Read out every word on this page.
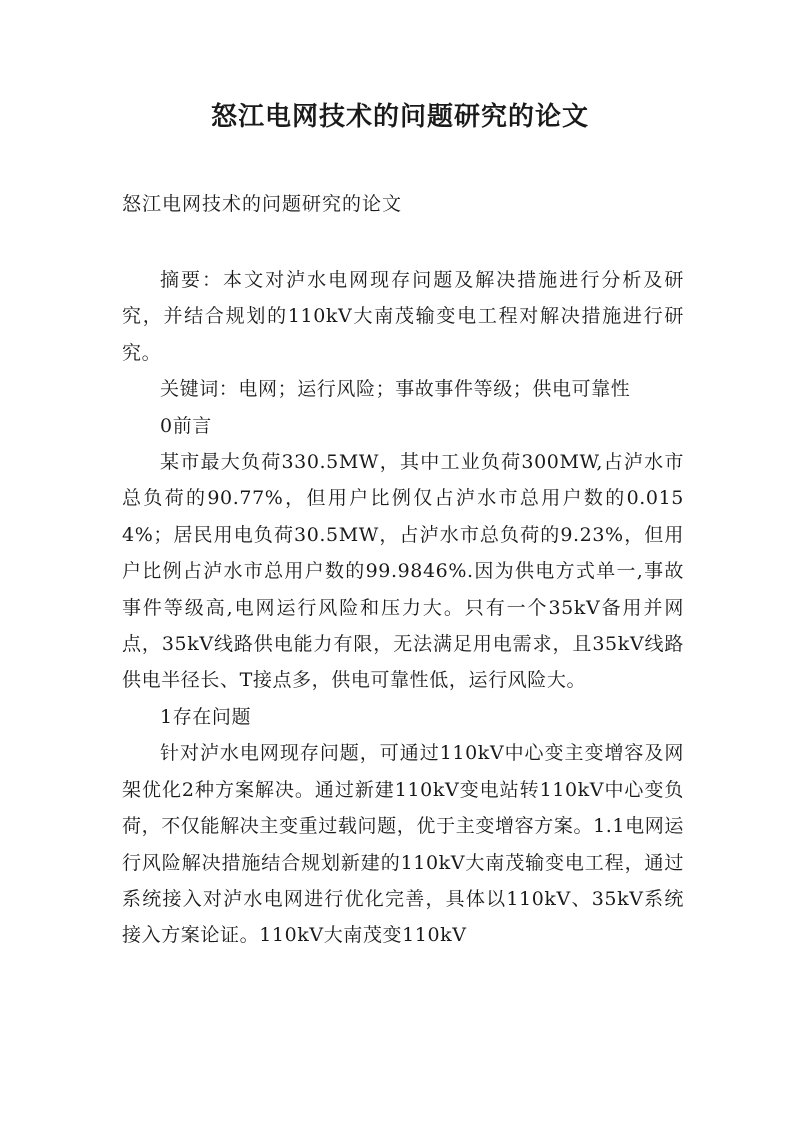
怒江电网技术的问题研究的论文

怒江电网技术的问题研究的论文

摘要：本文对泸水电网现存问题及解决措施进行分析及研究，并结合规划的110kV大南茂输变电工程对解决措施进行研究。

关键词：电网；运行风险；事故事件等级；供电可靠性

0前言

某市最大负荷330.5MW，其中工业负荷300MW,占泸水市总负荷的90.77%，但用户比例仅占泸水市总用户数的0.0154%；居民用电负荷30.5MW，占泸水市总负荷的9.23%，但用户比例占泸水市总用户数的99.9846%.因为供电方式单一,事故事件等级高,电网运行风险和压力大。只有一个35kV备用并网点，35kV线路供电能力有限，无法满足用电需求，且35kV线路供电半径长、T接点多，供电可靠性低，运行风险大。

1存在问题

针对泸水电网现存问题，可通过110kV中心变主变增容及网架优化2种方案解决。通过新建110kV变电站转110kV中心变负荷，不仅能解决主变重过载问题，优于主变增容方案。1.1电网运行风险解决措施结合规划新建的110kV大南茂输变电工程，通过系统接入对泸水电网进行优化完善，具体以110kV、35kV系统接入方案论证。110kV大南茂变110kV
